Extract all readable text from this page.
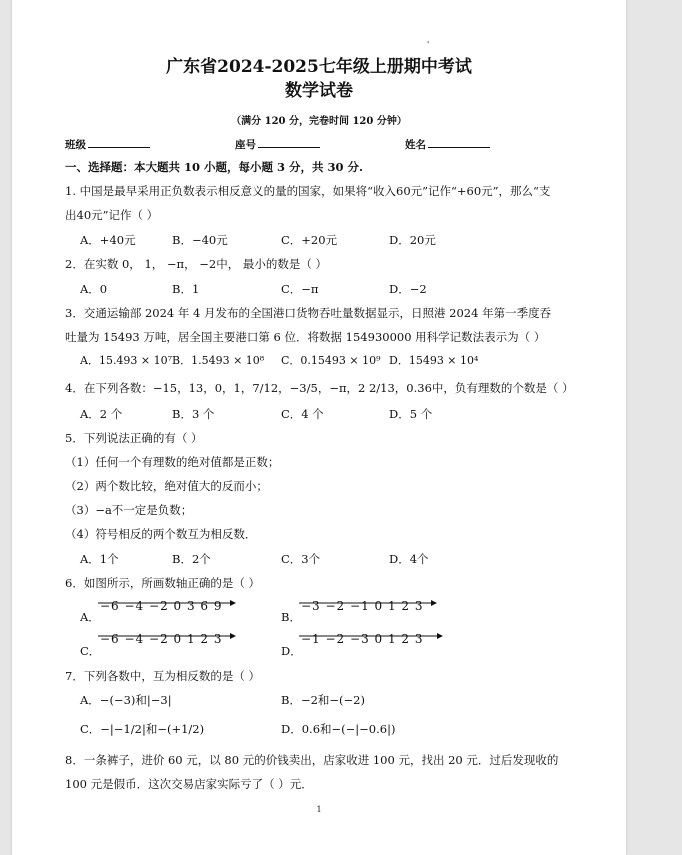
'
广东省2024-2025七年级上册期中考试
数学试卷
（满分 120 分，完卷时间 120 分钟）
班级	座号	姓名
一、选择题：本大题共 10 小题，每小题 3 分，共 30 分.
1. 中国是最早采用正负数表示相反意义的量的国家，如果将“收入60元”记作“+60元”，那么“支
出40元”记作（ ）
A．+40元	B．−40元	C．+20元	D．20元
2．在实数 0， 1， −π， −2中， 最小的数是（ ）
A．0	B．1	C．−π	D．−2
3．交通运输部 2024 年 4 月发布的全国港口货物吞吐量数据显示，日照港 2024 年第一季度吞
吐量为 15493 万吨，居全国主要港口第 6 位．将数据 154930000 用科学记数法表示为（ ）
A．15.493 × 10⁷ B．1.5493 × 10⁸ C．0.15493 × 10⁹ D．15493 × 10⁴
4．在下列各数：−15，13，0，1，7/12，−3/5，−π，2 2/13，0.36中，负有理数的个数是（ ）
A．2 个	B．3 个	C．4 个	D．5 个
5．下列说法正确的有（ ）
（1）任何一个有理数的绝对值都是正数；
（2）两个数比较，绝对值大的反而小；
（3）−a不一定是负数；
（4）符号相反的两个数互为相反数．
A．1个	B．2个	C．3个	D．4个
6．如图所示，所画数轴正确的是（ ）
A．
−6 −4 −2 0 3 6 9
B．
−3 −2 −1 0 1 2 3
C．
−6 −4 −2 0 1 2 3
D．
−1 −2 −3 0 1 2 3
7．下列各数中，互为相反数的是（ ）
A．−(−3)和|−3|	B．−2和−(−2)
C．−|−1/2|和−(+1/2)	D．0.6和−(−|−0.6|)
8．一条裤子，进价 60 元，以 80 元的价钱卖出，店家收进 100 元，找出 20 元．过后发现收的
100 元是假币．这次交易店家实际亏了（ ）元．
1
